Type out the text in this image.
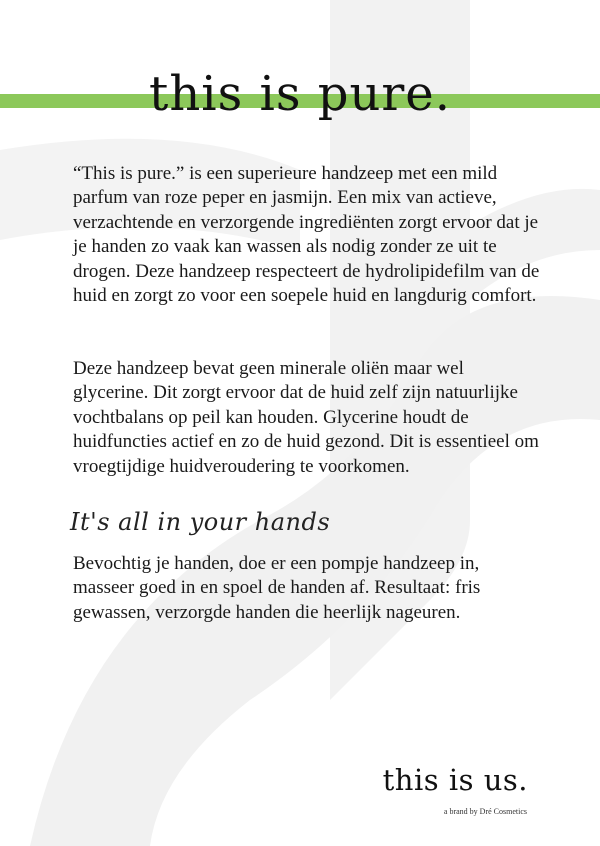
this is pure.

“This is pure.” is een superieure handzeep met een mild parfum van roze peper en jasmijn. Een mix van actieve, verzachtende en verzorgende ingrediënten zorgt ervoor dat je je handen zo vaak kan wassen als nodig zonder ze uit te drogen. Deze handzeep respecteert de hydrolipidefilm van de huid en zorgt zo voor een soepele huid en langdurig comfort.

Deze handzeep bevat geen minerale oliën maar wel glycerine. Dit zorgt ervoor dat de huid zelf zijn natuurlijke vochtbalans op peil kan houden. Glycerine houdt de huidfuncties actief en zo de huid gezond. Dit is essentieel om vroegtijdige huidveroudering te voorkomen.

It's all in your hands

Bevochtig je handen, doe er een pompje handzeep in, masseer goed in en spoel de handen af. Resultaat: fris gewassen, verzorgde handen die heerlijk nageuren.

this is us.
a brand by Dré Cosmetics
